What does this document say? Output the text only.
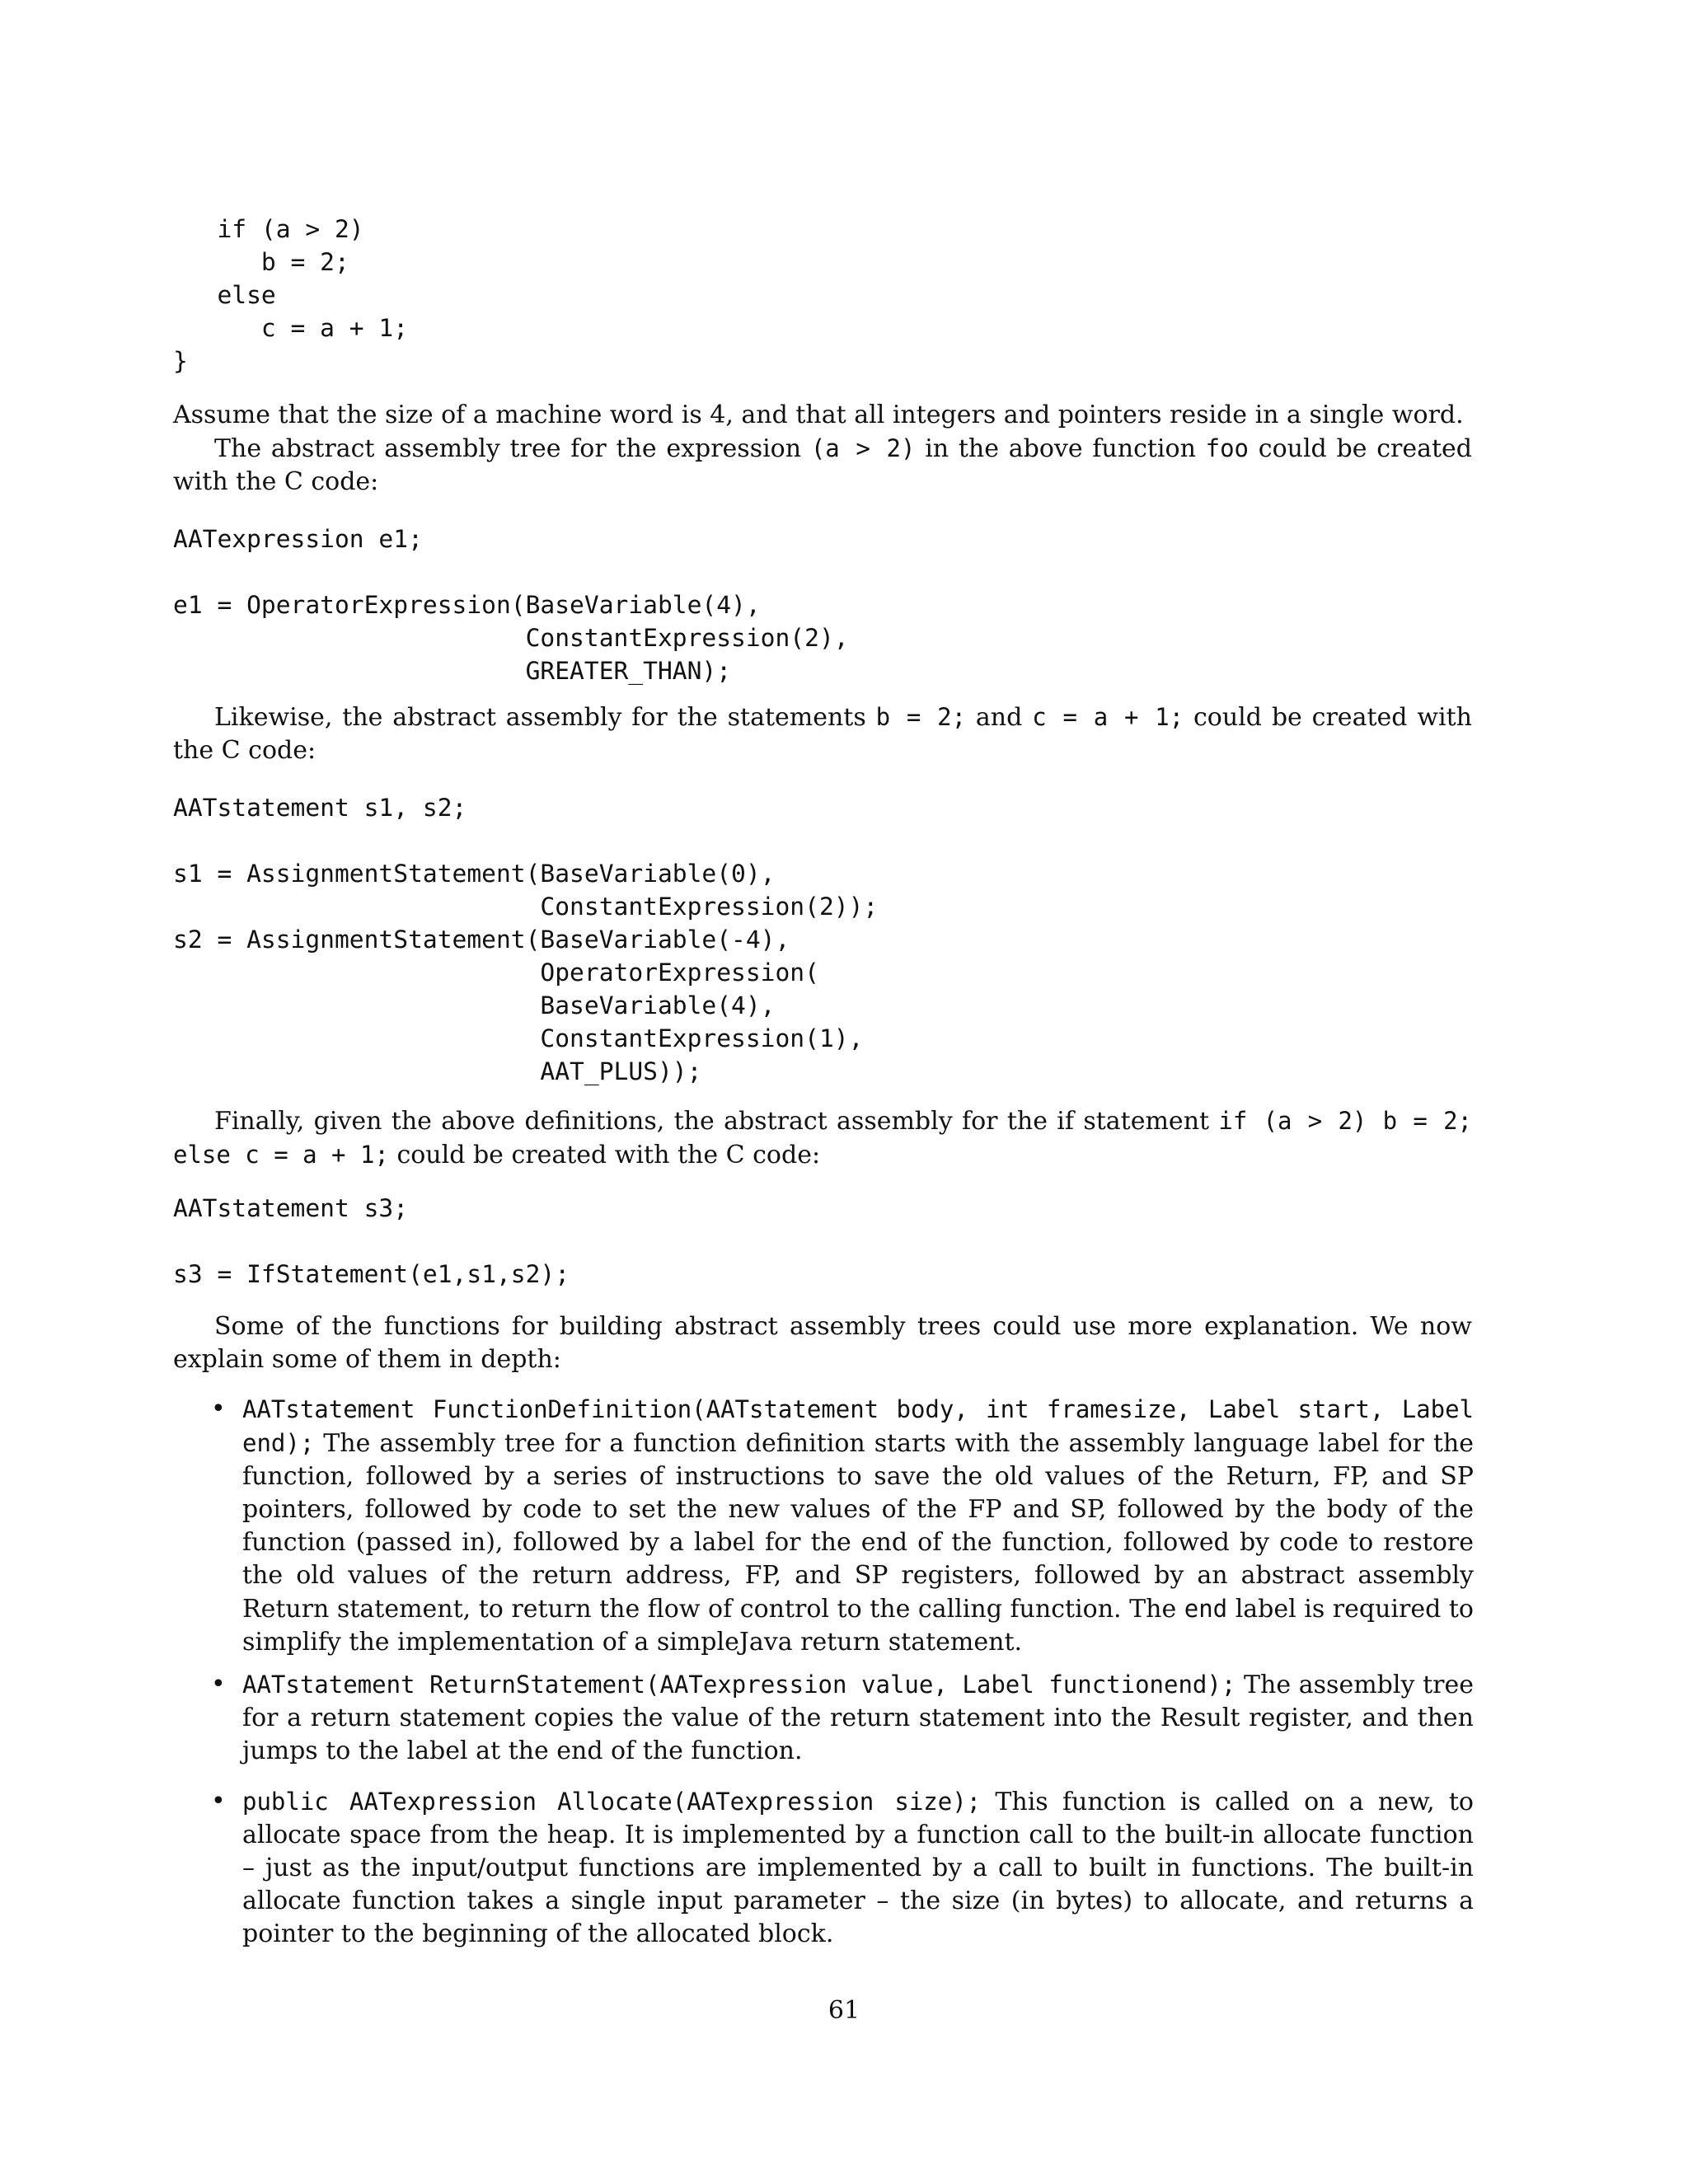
if (a > 2)
b = 2;
else
c = a + 1;
}

Assume that the size of a machine word is 4, and that all integers and pointers reside in a single word.

The abstract assembly tree for the expression (a > 2) in the above function foo could be created with the C code:

AATexpression e1;

e1 = OperatorExpression(BaseVariable(4),
ConstantExpression(2),
GREATER_THAN);

Likewise, the abstract assembly for the statements b = 2; and c = a + 1; could be created with the C code:

AATstatement s1, s2;

s1 = AssignmentStatement(BaseVariable(0),
ConstantExpression(2));
s2 = AssignmentStatement(BaseVariable(-4),
OperatorExpression(
BaseVariable(4),
ConstantExpression(1),
AAT_PLUS));

Finally, given the above definitions, the abstract assembly for the if statement if (a > 2) b = 2; else c = a + 1; could be created with the C code:

AATstatement s3;

s3 = IfStatement(e1,s1,s2);

Some of the functions for building abstract assembly trees could use more explanation. We now explain some of them in depth:

• AATstatement FunctionDefinition(AATstatement body, int framesize, Label start, Label end); The assembly tree for a function definition starts with the assembly language label for the function, followed by a series of instructions to save the old values of the Return, FP, and SP pointers, followed by code to set the new values of the FP and SP, followed by the body of the function (passed in), followed by a label for the end of the function, followed by code to restore the old values of the return address, FP, and SP registers, followed by an abstract assembly Return statement, to return the flow of control to the calling function. The end label is required to simplify the implementation of a simpleJava return statement.
• AATstatement ReturnStatement(AATexpression value, Label functionend); The assembly tree for a return statement copies the value of the return statement into the Result register, and then jumps to the label at the end of the function.
• public AATexpression Allocate(AATexpression size); This function is called on a new, to allocate space from the heap. It is implemented by a function call to the built-in allocate function – just as the input/output functions are implemented by a call to built in functions. The built-in allocate function takes a single input parameter – the size (in bytes) to allocate, and returns a pointer to the beginning of the allocated block.
61
